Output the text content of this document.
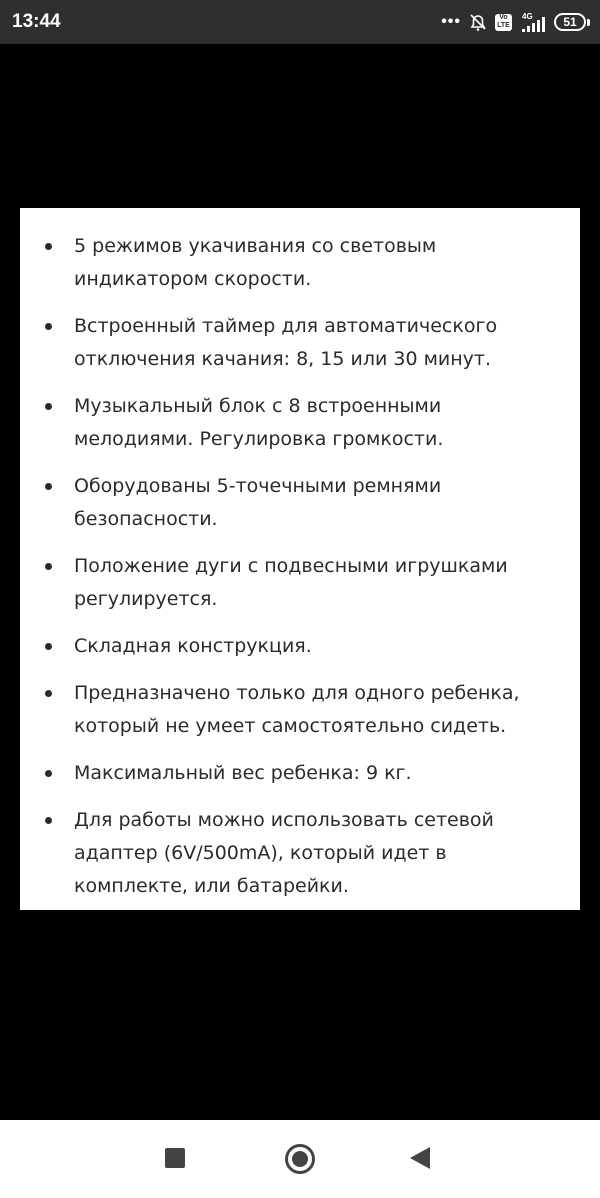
13:44	•••	Vo LTE
4G	51
5 режимов укачивания со световым индикатором скорости.
Встроенный таймер для автоматического отключения качания: 8, 15 или 30 минут.
Музыкальный блок с 8 встроенными мелодиями. Регулировка громкости.
Оборудованы 5-точечными ремнями безопасности.
Положение дуги с подвесными игрушками регулируется.
Складная конструкция.
Предназначено только для одного ребенка, который не умеет самостоятельно сидеть.
Максимальный вес ребенка: 9 кг.
Для работы можно использовать сетевой адаптер (6V/500mA), который идет в комплекте, или батарейки.
